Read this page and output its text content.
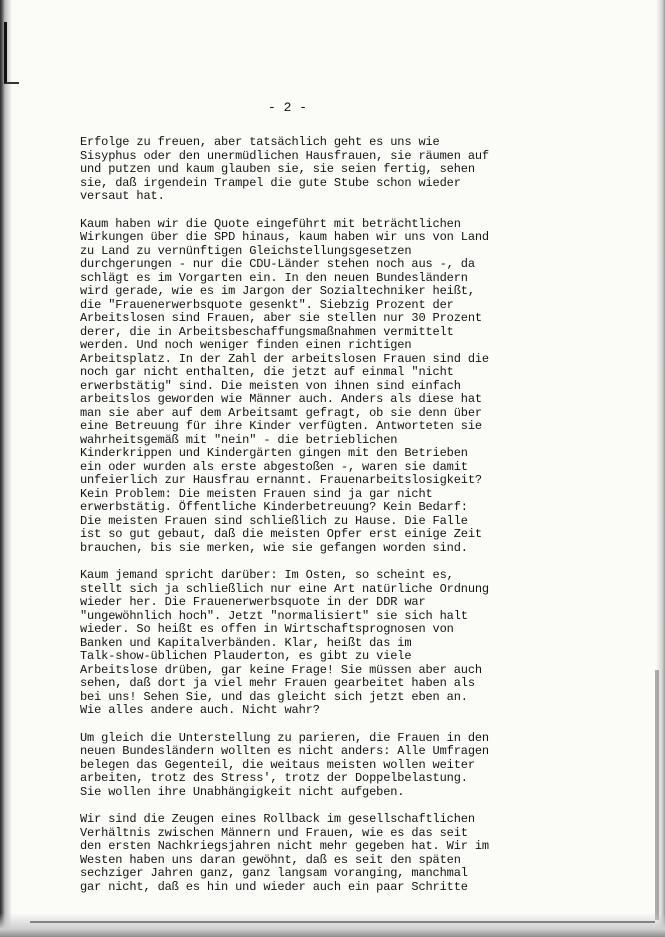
- 2 -

Erfolge zu freuen, aber tatsächlich geht es uns wie
Sisyphus oder den unermüdlichen Hausfrauen, sie räumen auf
und putzen und kaum glauben sie, sie seien fertig, sehen
sie, daß irgendein Trampel die gute Stube schon wieder
versaut hat.

Kaum haben wir die Quote eingeführt mit beträchtlichen
Wirkungen über die SPD hinaus, kaum haben wir uns von Land
zu Land zu vernünftigen Gleichstellungsgesetzen
durchgerungen - nur die CDU-Länder stehen noch aus -, da
schlägt es im Vorgarten ein. In den neuen Bundesländern
wird gerade, wie es im Jargon der Sozialtechniker heißt,
die "Frauenerwerbsquote gesenkt". Siebzig Prozent der
Arbeitslosen sind Frauen, aber sie stellen nur 30 Prozent
derer, die in Arbeitsbeschaffungsmaßnahmen vermittelt
werden. Und noch weniger finden einen richtigen
Arbeitsplatz. In der Zahl der arbeitslosen Frauen sind die
noch gar nicht enthalten, die jetzt auf einmal "nicht
erwerbstätig" sind. Die meisten von ihnen sind einfach
arbeitslos geworden wie Männer auch. Anders als diese hat
man sie aber auf dem Arbeitsamt gefragt, ob sie denn über
eine Betreuung für ihre Kinder verfügten. Antworteten sie
wahrheitsgemäß mit "nein" - die betrieblichen
Kinderkrippen und Kindergärten gingen mit den Betrieben
ein oder wurden als erste abgestoßen -, waren sie damit
unfeierlich zur Hausfrau ernannt. Frauenarbeitslosigkeit?
Kein Problem: Die meisten Frauen sind ja gar nicht
erwerbstätig. Öffentliche Kinderbetreuung? Kein Bedarf:
Die meisten Frauen sind schließlich zu Hause. Die Falle
ist so gut gebaut, daß die meisten Opfer erst einige Zeit
brauchen, bis sie merken, wie sie gefangen worden sind.

Kaum jemand spricht darüber: Im Osten, so scheint es,
stellt sich ja schließlich nur eine Art natürliche Ordnung
wieder her. Die Frauenerwerbsquote in der DDR war
"ungewöhnlich hoch". Jetzt "normalisiert" sie sich halt
wieder. So heißt es offen in Wirtschaftsprognosen von
Banken und Kapitalverbänden. Klar, heißt das im
Talk-show-üblichen Plauderton, es gibt zu viele
Arbeitslose drüben, gar keine Frage! Sie müssen aber auch
sehen, daß dort ja viel mehr Frauen gearbeitet haben als
bei uns! Sehen Sie, und das gleicht sich jetzt eben an.
Wie alles andere auch. Nicht wahr?

Um gleich die Unterstellung zu parieren, die Frauen in den
neuen Bundesländern wollten es nicht anders: Alle Umfragen
belegen das Gegenteil, die weitaus meisten wollen weiter
arbeiten, trotz des Stress', trotz der Doppelbelastung.
Sie wollen ihre Unabhängigkeit nicht aufgeben.

Wir sind die Zeugen eines Rollback im gesellschaftlichen
Verhältnis zwischen Männern und Frauen, wie es das seit
den ersten Nachkriegsjahren nicht mehr gegeben hat. Wir im
Westen haben uns daran gewöhnt, daß es seit den späten
sechziger Jahren ganz, ganz langsam voranging, manchmal
gar nicht, daß es hin und wieder auch ein paar Schritte
